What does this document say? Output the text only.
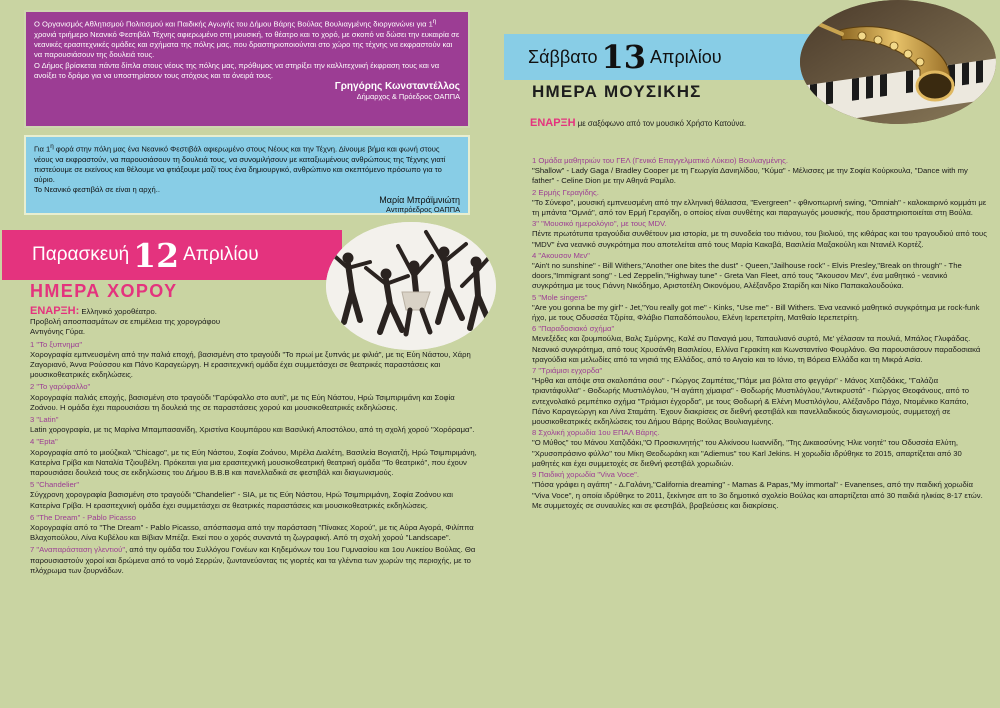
Ο Οργανισμός Αθλητισμού Πολιτισμού και Παιδικής Αγωγής του Δήμου Βάρης Βούλας Βουλιαγμένης διοργανώνει για $1^\eta$ χρονιά τριήμερο Νεανικό Φεστιβάλ Τέχνης αφιερωμένο στη μουσική, το θέατρο και το χορό, με σκοπό να δώσει την ευκαιρία σε νεανικές ερασιτεχνικές ομάδες και σχήματα της πόλης μας, που δραστηριοποιούνται στο χώρο της τέχνης να εκφραστούν και να παρουσιάσουν της δουλειά τους.

Ο Δήμος βρίσκεται πάντα δίπλα στους νέους της πόλης μας, πρόθυμος να στηρίξει την καλλιτεχνική έκφραση τους και να ανοίξει το δρόμο για να υποστηρίσουν τους στόχους και τα όνειρά τους.

Γρηγόρης Κωνσταντέλλος
Δήμαρχος & Πρόεδρος ΟΑΠΠΑ

Για $1^\eta$ φορά στην πόλη μας ένα Νεανικό Φεστιβάλ αφιερωμένο στους Νέους και την Τέχνη. Δίνουμε βήμα και φωνή στους νέους να εκφραστούν, να παρουσιάσουν τη δουλειά τους, να συνομιλήσουν με καταξιωμένους ανθρώπους της Τέχνης γιατί πιστεύουμε σε εκείνους και θέλουμε να φτιάξουμε μαζί τους ένα δημιουργικό, ανθρώπινο και σκεπτόμενο πρόσωπο για το αύριο.

Το Νεανικό φεστιβάλ σε είναι η αρχή..

Μαρία Μπράϊμνιώτη
Αντιπρόεδρος ΟΑΠΠΑ
Παρασκευή 12 Απριλίου
ΗΜΕΡΑ ΧΟΡΟΥ
ΕΝΑΡΞΗ: Ελληνικό χοροθέατρο.
Προβολή αποσπασμάτων σε επιμέλεια της χορογράφου
Αντιγόνης Γύρα.
1 "Το ξυπνημα"
Χορογραφία εμπνευσμένη από την παλιά εποχή, βασισμένη στο τραγούδι "Το πρωί με ξυπνάς με φιλιά", με τις Εύη Νάστου, Χάρη Ζαγοριανό, Άννα Ρούσσου και Πάνο Καραγεώργη. Η ερασιτεχνική ομάδα έχει συμμετάσχει σε θεατρικές παραστάσεις και μουσικοθεατρικές εκδηλώσεις.
2 "Το γαρύφαλλο"
Χορογραφία παλιάς εποχής, βασισμένη στο τραγούδι "Γαρύφαλλο στο αυτί", με τις Εύη Νάστου, Ηρώ Τσιμπιριμάνη και Σοφία Ζοάνου. Η ομάδα έχει παρουσιάσει τη δουλειά της σε παραστάσεις χορού και μουσικοθεατρικές εκδηλώσεις.
3 "Latin"
Latin χορογραφία, με τις Μαρίνα Μπαμπασανίδη, Χριστίνα Κουμπάρου και Βασιλική Αποστόλου, από τη σχολή χορού "Χορόραμα".
4 "Epta"
Χορογραφία από το μιούζικαλ "Chicago", με τις Εύη Νάστου, Σοφία Ζοάνου, Μιρέλα Διαλέτη, Βασιλεία Βογιατζή, Ηρώ Τσιμπιριμάνη, Κατερίνα Γρίβα και Ναταλία Τζιουβέλη. Πρόκειται για μια ερασιτεχνική μουσικοθεατρική θεατρική ομάδα "Το θεατρικό", που έχουν παρουσιάσει δουλειά τους σε εκδηλώσεις του Δήμου Β.Β.Β και πανελλαδικά σε φεστιβάλ και διαγωνισμούς.
5 "Chandelier"
Σύγχρονη χορογραφία βασισμένη στο τραγούδι "Chandelier" - SIA, με τις Εύη Νάστου, Ηρώ Τσιμπιριμάνη, Σοφία Ζοάνου και Κατερίνα Γρίβα. Η ερασιτεχνική ομάδα έχει συμμετάσχει σε θεατρικές παραστάσεις και μουσικοθεατρικές εκδηλώσεις.
6 "The Dream" - Pablo Picasso
Χορογραφία από το "The Dream" - Pablo Picasso, απόσπασμα από την παράσταση "Πίνακες Χορού", με τις Αύρα Αγορά, Φιλίππα Βλαχοπούλου, Λίνα Κυβέλου και Βίβιαν Μπέζα. Εκεί που ο χορός συναντά τη ζωγραφική. Από τη σχολή χορού "Landscape".
7 "Αναπαράσταση γλεντιού", από την ομάδα του Συλλόγου Γονέων και Κηδεμόνων του 1ου Γυμνασίου και 1ου Λυκείου Βούλας. Θα παρουσιαστούν χοροί και δρώμενα από το νομό Σερρών, ζωντανεύοντας τις γιορτές και τα γλέντια των χωρών της περιοχής, με το πλόχρωμα των ζουρνάδων.
Σάββατο 13 Απριλίου
ΗΜΕΡΑ ΜΟΥΣΙΚΗΣ
ΕΝΑΡΞΗ με σαξόφωνο από τον μουσικό Χρήστο Κατούνα.
1 Ομάδα μαθητριών του ΓΕΛ (Γενικό Επαγγελματικό Λύκειο) Βουλιαγμένης.
"Shallow" - Lady Gaga / Bradley Cooper με τη Γεωργία Δανιηλίδου, "Κύμα" - Μέλισσες με την Σοφία Κούρκουλα, "Dance with my father" - Celine Dion με την Αθηνά Ραμίλο.
2 Ερμής Γεραγίδης.
"Το Σύνεφο", μουσική εμπνευσμένη από την ελληνική θάλασσα, "Evergreen" - φθινοπωρινή swing, "Omniah" - καλοκαιρινό κομμάτι με τη μπάντα "Ομνιά", από τον Ερμή Γεραγίδη, ο οποίος είναι συνθέτης και παραγωγός μουσικής, που δραστηριοποιείται στη Βούλα.
3" "Μουσικό ημερολόγιο", με τους MDV.
Πέντε πρωτότυπα τραγούδια συνθέτουν μια ιστορία, με τη συνοδεία του πιάνου, του βιολιού, της κιθάρας και του τραγουδιού από τους "MDV" ένα νεανικό συγκρότημα που αποτελείται από τους Μαρία Κακαβά, Βασιλεία Μαξακούλη και Ντανιέλ Κορτέζ.
4 "Ακουσον Μεν"
"Ain't no sunshine" - Bill Withers,"Another one bites the dust" - Queen,"Jailhouse rock" - Elvis Presley,"Break on through" - The doors,"Immigrant song" - Led Zeppelin,"Highway tune" - Greta Van Fleet, από τους "Άκουσον Μεν", ένα μαθητικό - νεανικό συγκρότημα με τους Γιάννη Νικόδημο, Αριστοτέλη Οικονόμου, Αλέξανδρο Σταρίδη και Νίκο Παπακαλουδούκα.
5 "Mole singers"
"Are you gonna be my girl" - Jet,"You really got me" - Kinks, "Use me" - Bill Withers. Ένα νεανικό μαθητικό συγκρότημα με rock-funk ήχο, με τους Οδυσσέα Τζιρίτα, Φλάβιο Παπαδόπουλου, Ελένη Ιερεπετρίτη, Ματθαίο Ιερεπετρίτη.
6 "Παραδοσιακό σχήμα"
Μενεξέδες και ζουμπούλια, Βαλς Σμύρνης, Καλέ συ Παναγιά μου, Ταπαυλιανό συρτό, Με' γέλασαν τα πουλιά, Μπάλος Γλυφάδας. Νεανικό συγκρότημα, από τους Χρυσάνθη Βασιλείου, Ελλίνα Γερακίτη και Κωνσταντίνο Φουρλάνο. Θα παρουσιάσουν παραδοσιακά τραγούδια και μελωδίες από τα νησιά της Ελλάδος, από το Αιγαίο και το Ιόνιο, τη Βόρεια Ελλάδα και τη Μικρά Ασία.
7 "Τριάμισι εγχορδα"
"Ηρθα και απόψε στα σκαλοπάτια σου" - Γιώργος Ζαμπέτας,"Πάμε μια βόλτα στο φεγγάρι" - Μάνος Χατζιδάκις, "Γαλάζια τριαντάφυλλα" - Θοδωρής Μυστιλόγλου, "Η αγάπη χίμαιρα" - Θοδωρής Μυστιλόγλου,"Αντικρυστά" - Γιώργος Θεοφάνους, από το εντεχνολαϊκό ρεμπέτικο σχήμα "Τριάμισι έγχορδα", με τους Θοδωρή & Ελένη Μυστιλόγλου, Αλέξανδρο Πάχο, Ντομένικο Καπάτο, Πάνο Καραγεώργη και Λίνα Σταμάτη. Έχουν διακρίσεις σε διεθνή φεστιβάλ και πανελλαδικούς διαγωνισμούς, συμμετοχή σε μουσικοθεατρικές εκδηλώσεις του Δήμου Βάρης Βούλας Βουλιαγμένης.
8 Σχολική χορωδία 1ου ΕΠΑΛ Βάρης.
"Ο Μύθος" του Μάνου Χατζιδάκι,"Ο Προσκυνητής" του Αλκίνοου Ιωαννίδη, "Της Δικαιοσύνης Ήλιε νοητέ" του Οδυσσέα Ελύτη, "Χρυσοπράσινο φύλλο" του Μίκη Θεοδωράκη και "Adiemus" του Karl Jekins. Η χορωδία ιδρύθηκε το 2015, απαρτίζεται από 30 μαθητές και έχει συμμετοχές σε διεθνή φεστιβάλ χορωδιών.
9 Παιδική χορωδία "Viva Voce".
"Πόσα γράφει η αγάπη" - Δ.Γαλάνη,"California dreaming" - Mamas & Papas,"My immortal" - Evanenses, από την παιδική χορωδία "Viva Voce", η οποία ιδρύθηκε το 2011, ξεκίνησε απ το 3ο δημοτικό σχολείο Βούλας και απαρτίζεται από 30 παιδιά ηλικίας 8-17 ετών. Με συμμετοχές σε συναυλίες και σε φεστιβάλ, βραβεύσεις και διακρίσεις.
